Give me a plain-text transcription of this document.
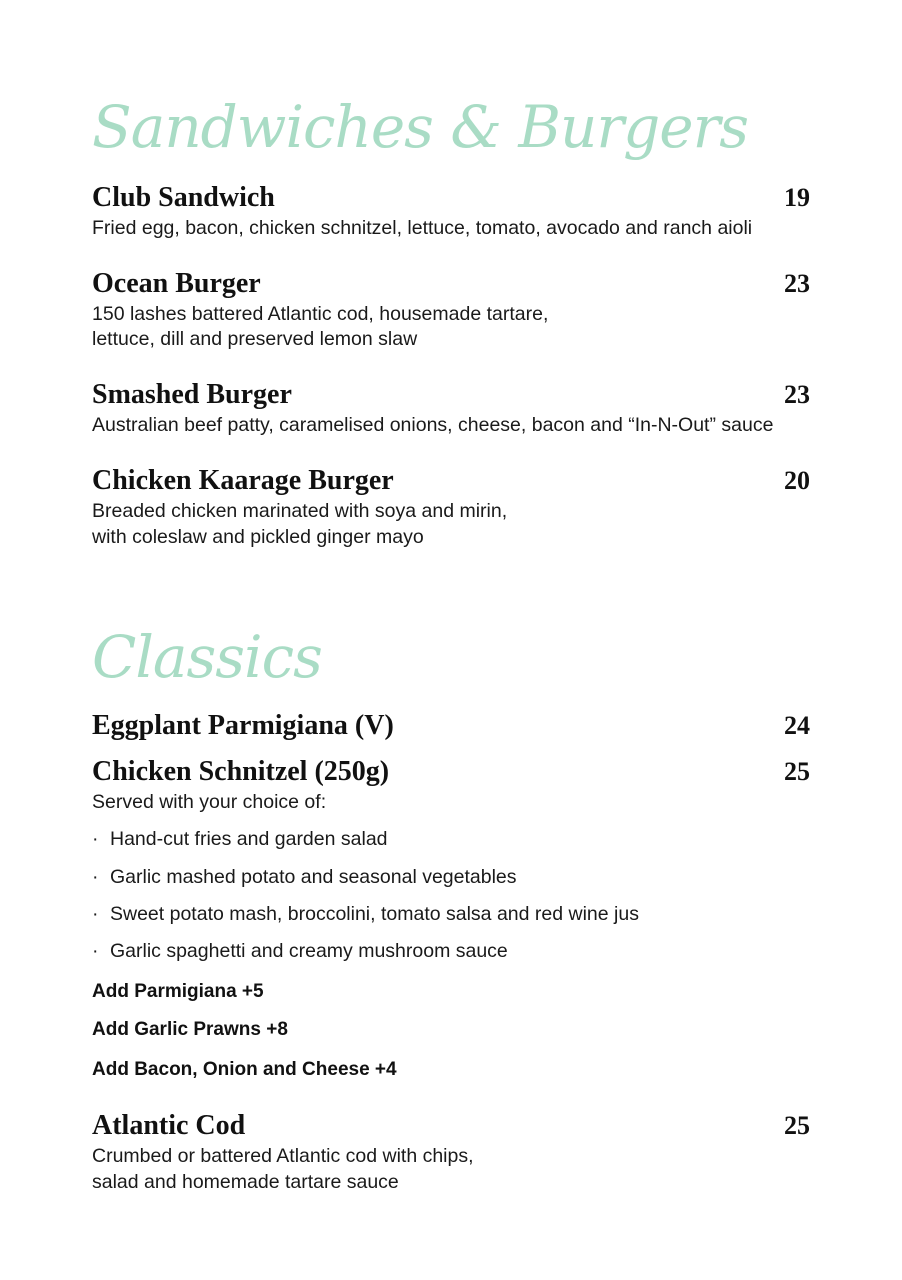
Sandwiches & Burgers
Club Sandwich	19
Fried egg, bacon, chicken schnitzel, lettuce, tomato, avocado and ranch aioli
Ocean Burger	23
150 lashes battered Atlantic cod, housemade tartare,
lettuce, dill and preserved lemon slaw
Smashed Burger	23
Australian beef patty, caramelised onions, cheese, bacon and “In-N-Out” sauce
Chicken Kaarage Burger	20
Breaded chicken marinated with soya and mirin,
with coleslaw and pickled ginger mayo
Classics
Eggplant Parmigiana (V)	24
Chicken Schnitzel (250g)	25
Served with your choice of:
· Hand-cut fries and garden salad
· Garlic mashed potato and seasonal vegetables
· Sweet potato mash, broccolini, tomato salsa and red wine jus
· Garlic spaghetti and creamy mushroom sauce
Add Parmigiana +5
Add Garlic Prawns +8
Add Bacon, Onion and Cheese +4
Atlantic Cod	25
Crumbed or battered Atlantic cod with chips,
salad and homemade tartare sauce
